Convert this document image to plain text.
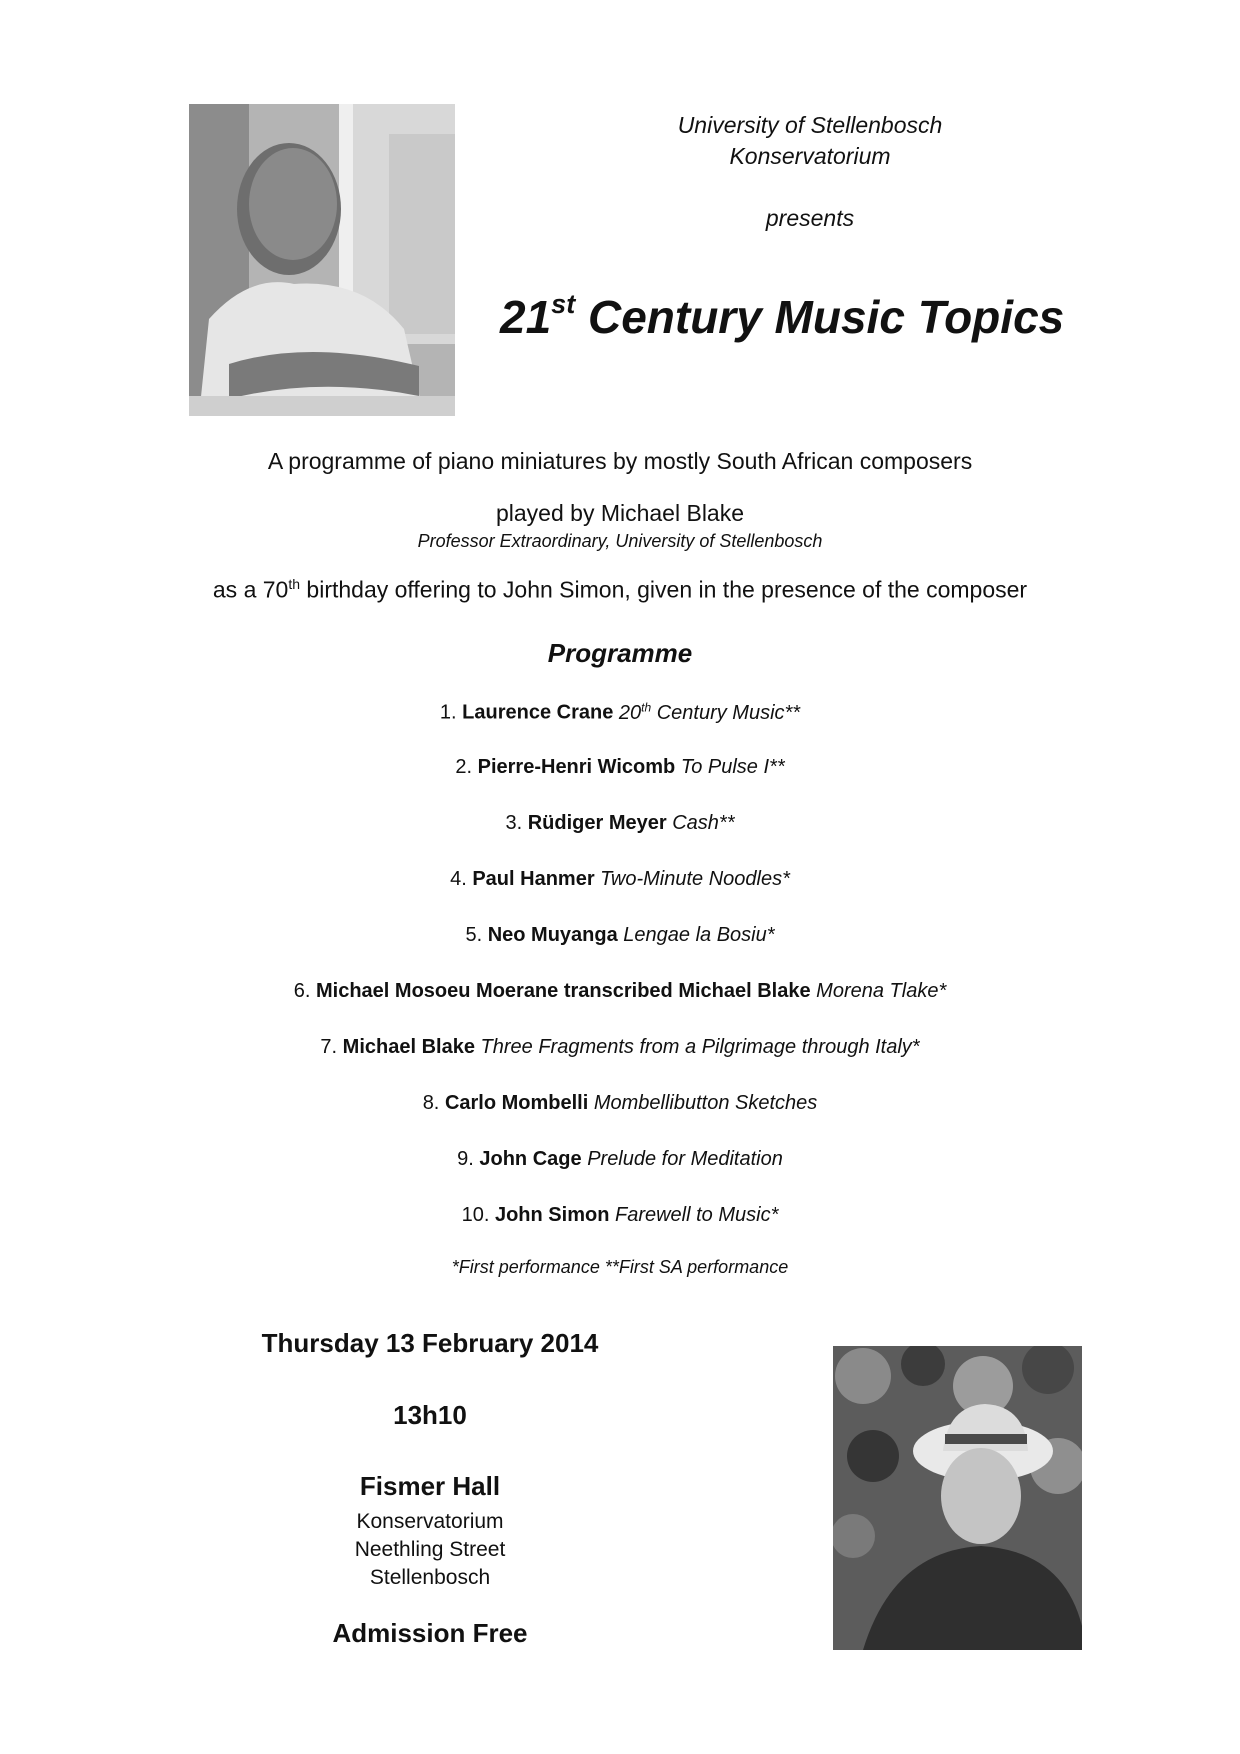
University of Stellenbosch
Konservatorium
presents
21st Century Music Topics
A programme of piano miniatures by mostly South African composers
played by Michael Blake
Professor Extraordinary, University of Stellenbosch
as a 70th birthday offering to John Simon, given in the presence of the composer
Programme
1. Laurence Crane 20th Century Music**
2. Pierre-Henri Wicomb To Pulse I**
3. Rüdiger Meyer Cash**
4. Paul Hanmer Two-Minute Noodles*
5. Neo Muyanga Lengae la Bosiu*
6. Michael Mosoeu Moerane transcribed Michael Blake Morena Tlake*
7. Michael Blake Three Fragments from a Pilgrimage through Italy*
8. Carlo Mombelli Mombellibutton Sketches
9. John Cage Prelude for Meditation
10. John Simon Farewell to Music*
*First performance **First SA performance
Thursday 13 February 2014
13h10
Fismer Hall
Konservatorium
Neethling Street
Stellenbosch
Admission Free
